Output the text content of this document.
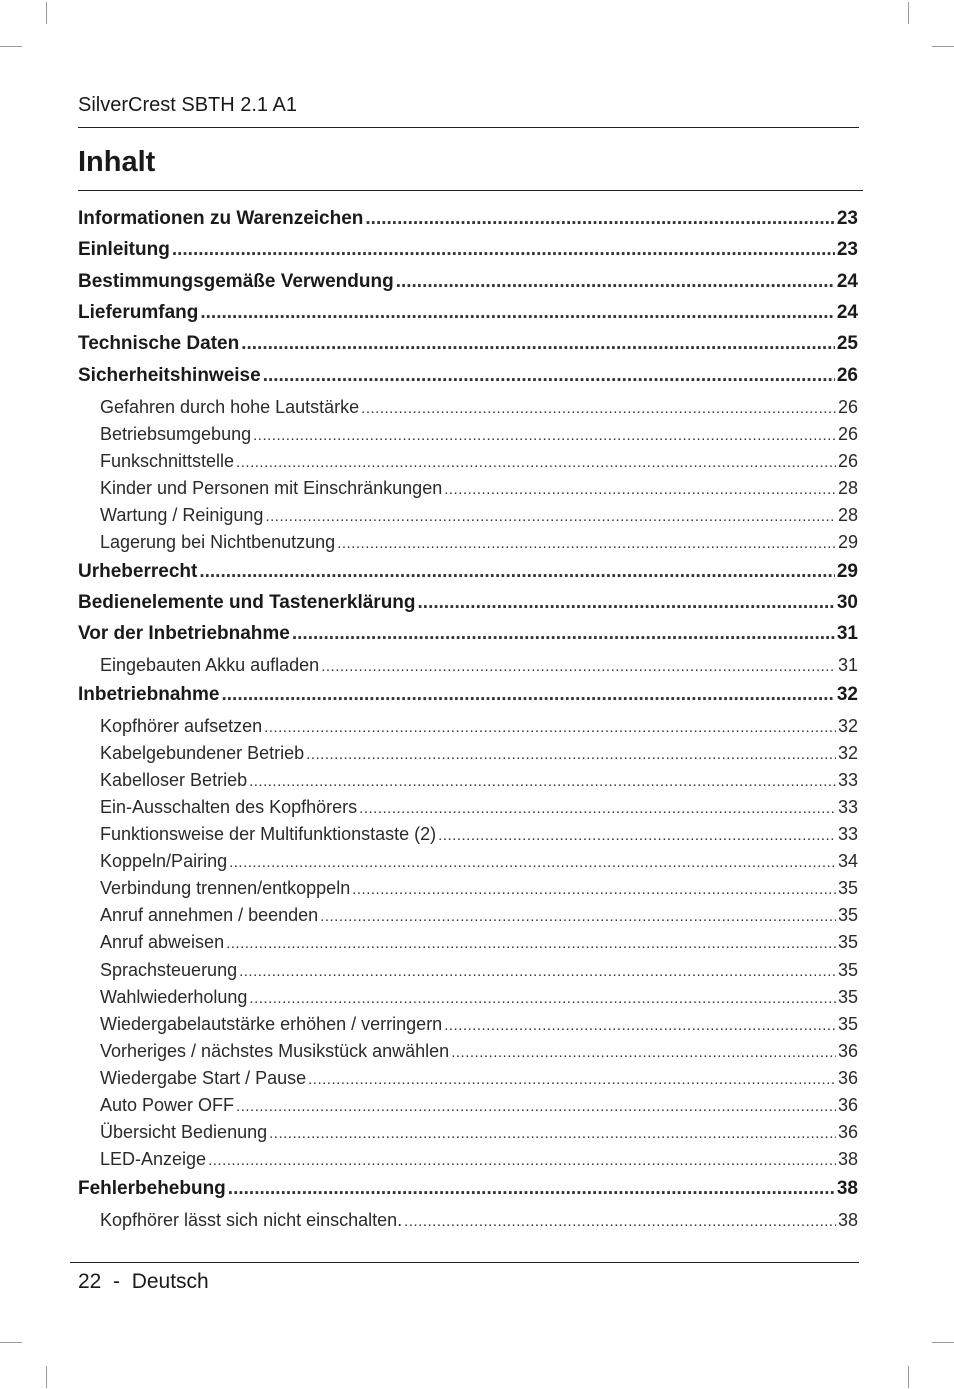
SilverCrest SBTH 2.1 A1
Inhalt
Informationen zu Warenzeichen .....	23
Einleitung .....	23
Bestimmungsgemäße Verwendung .....	24
Lieferumfang .....	24
Technische Daten .....	25
Sicherheitshinweise .....	26
Gefahren durch hohe Lautstärke .....	26
Betriebsumgebung .....	26
Funkschnittstelle .....	26
Kinder und Personen mit Einschränkungen .....	28
Wartung / Reinigung .....	28
Lagerung bei Nichtbenutzung .....	29
Urheberrecht .....	29
Bedienelemente und Tastenerklärung .....	30
Vor der Inbetriebnahme .....	31
Eingebauten Akku aufladen .....	31
Inbetriebnahme .....	32
Kopfhörer aufsetzen .....	32
Kabelgebundener Betrieb .....	32
Kabelloser Betrieb .....	33
Ein-Ausschalten des Kopfhörers .....	33
Funktionsweise der Multifunktionstaste (2) .....	33
Koppeln/Pairing .....	34
Verbindung trennen/entkoppeln .....	35
Anruf annehmen / beenden .....	35
Anruf abweisen .....	35
Sprachsteuerung .....	35
Wahlwiederholung .....	35
Wiedergabelautstärke erhöhen / verringern .....	35
Vorheriges / nächstes Musikstück anwählen .....	36
Wiedergabe Start / Pause .....	36
Auto Power OFF .....	36
Übersicht Bedienung .....	36
LED-Anzeige .....	38
Fehlerbehebung .....	38
Kopfhörer lässt sich nicht einschalten. .....	38
22  -  Deutsch
